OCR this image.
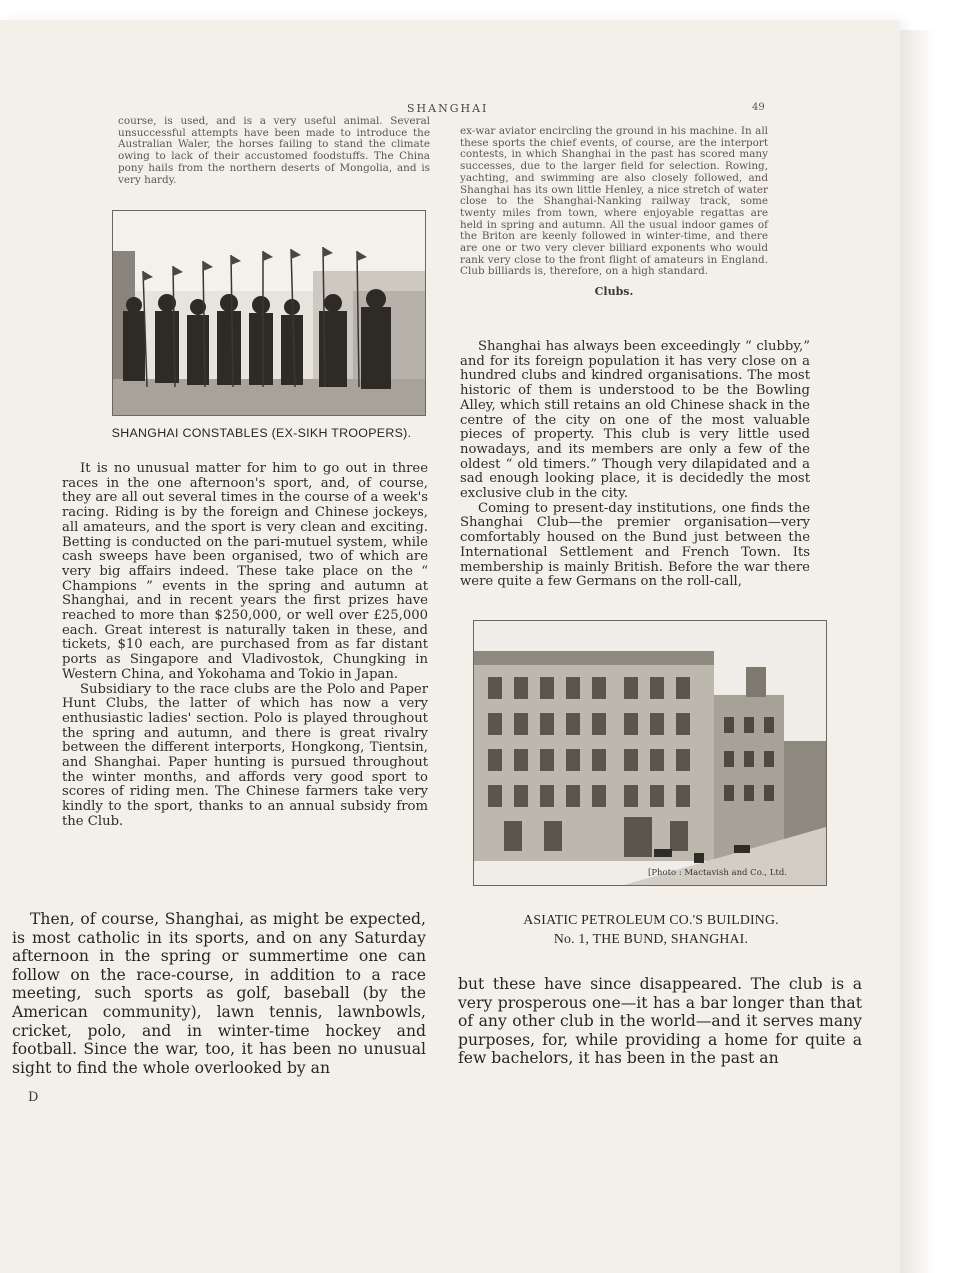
SHANGHAI	49

course, is used, and is a very useful animal. Several unsuccessful attempts have been made to introduce the Australian Waler, the horses failing to stand the climate owing to lack of their accustomed foodstuffs. The China pony hails from the northern deserts of Mongolia, and is very hardy.

SHANGHAI CONSTABLES (EX-SIKH TROOPERS).

It is no unusual matter for him to go out in three races in the one afternoon's sport, and, of course, they are all out several times in the course of a week's racing. Riding is by the foreign and Chinese jockeys, all amateurs, and the sport is very clean and exciting. Betting is conducted on the pari-mutuel system, while cash sweeps have been organised, two of which are very big affairs indeed. These take place on the “ Champions ” events in the spring and autumn at Shanghai, and in recent years the first prizes have reached to more than $250,000, or well over £25,000 each. Great interest is naturally taken in these, and tickets, $10 each, are purchased from as far distant ports as Singapore and Vladivostok, Chungking in Western China, and Yokohama and Tokio in Japan.

Subsidiary to the race clubs are the Polo and Paper Hunt Clubs, the latter of which has now a very enthusiastic ladies' section. Polo is played throughout the spring and autumn, and there is great rivalry between the different interports, Hongkong, Tientsin, and Shanghai. Paper hunting is pursued throughout the winter months, and affords very good sport to scores of riding men. The Chinese farmers take very kindly to the sport, thanks to an annual subsidy from the Club.

Then, of course, Shanghai, as might be expected, is most catholic in its sports, and on any Saturday afternoon in the spring or summertime one can follow on the race-course, in addition to a race meeting, such sports as golf, baseball (by the American community), lawn tennis, lawnbowls, cricket, polo, and in winter-time hockey and football. Since the war, too, it has been no unusual sight to find the whole overlooked by an

D

ex-war aviator encircling the ground in his machine. In all these sports the chief events, of course, are the interport contests, in which Shanghai in the past has scored many successes, due to the larger field for selection. Rowing, yachting, and swimming are also closely followed, and Shanghai has its own little Henley, a nice stretch of water close to the Shanghai-Nanking railway track, some twenty miles from town, where enjoyable regattas are held in spring and autumn. All the usual indoor games of the Briton are keenly followed in winter-time, and there are one or two very clever billiard exponents who would rank very close to the front flight of amateurs in England. Club billiards is, therefore, on a high standard.

Clubs.

Shanghai has always been exceedingly “ clubby,” and for its foreign population it has very close on a hundred clubs and kindred organisations. The most historic of them is understood to be the Bowling Alley, which still retains an old Chinese shack in the centre of the city on one of the most valuable pieces of property. This club is very little used nowadays, and its members are only a few of the oldest “ old timers.” Though very dilapidated and a sad enough looking place, it is decidedly the most exclusive club in the city.

Coming to present-day institutions, one finds the Shanghai Club—the premier organisation—very comfortably housed on the Bund just between the International Settlement and French Town. Its membership is mainly British. Before the war there were quite a few Germans on the roll-call,

[Photo : Mactavish and Co., Ltd.
ASIATIC PETROLEUM CO.'S BUILDING.
No. 1, THE BUND, SHANGHAI.

but these have since disappeared. The club is a very prosperous one—it has a bar longer than that of any other club in the world—and it serves many purposes, for, while providing a home for quite a few bachelors, it has been in the past an
